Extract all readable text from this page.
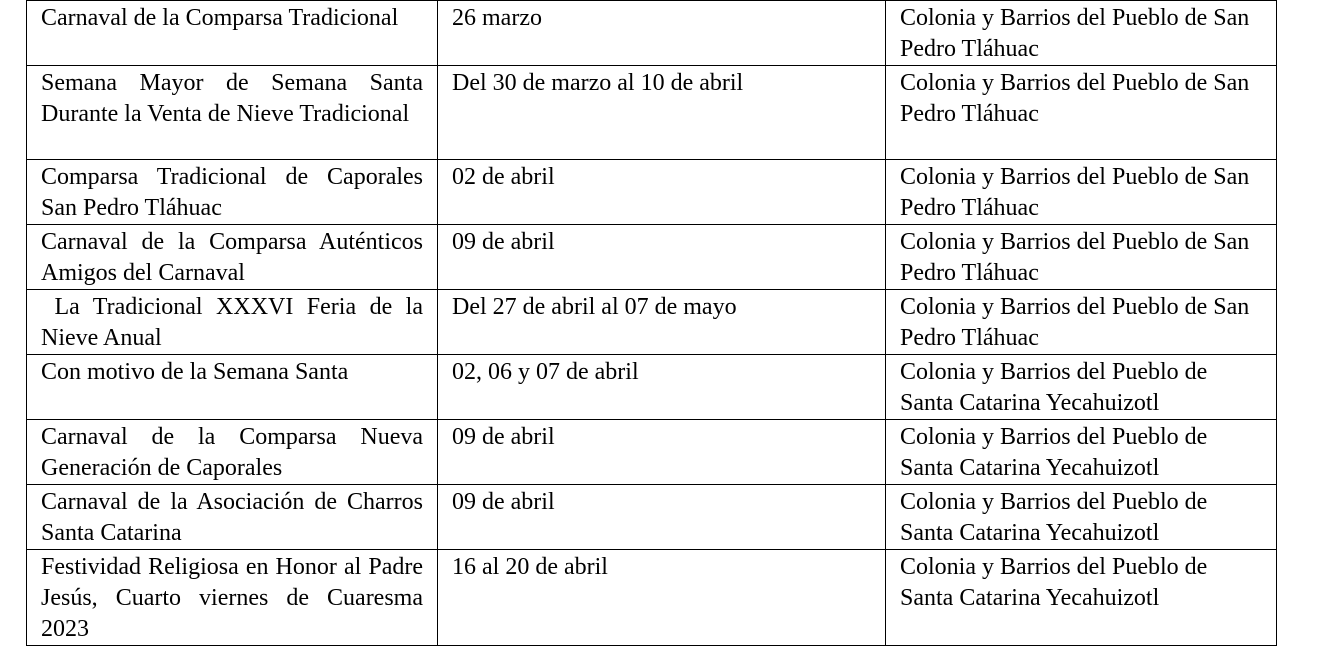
Carnaval de la Comparsa Tradicional	26 marzo	Colonia y Barrios del Pueblo de San Pedro Tláhuac
Semana Mayor de Semana Santa Durante la Venta de Nieve Tradicional	Del 30 de marzo al 10 de abril	Colonia y Barrios del Pueblo de San Pedro Tláhuac
Comparsa Tradicional de Caporales San Pedro Tláhuac	02 de abril	Colonia y Barrios del Pueblo de San Pedro Tláhuac
Carnaval de la Comparsa Auténticos Amigos del Carnaval	09 de abril	Colonia y Barrios del Pueblo de San Pedro Tláhuac
La Tradicional XXXVI Feria de la Nieve Anual	Del 27 de abril al 07 de mayo	Colonia y Barrios del Pueblo de San Pedro Tláhuac
Con motivo de la Semana Santa	02, 06 y 07 de abril	Colonia y Barrios del Pueblo de Santa Catarina Yecahuizotl
Carnaval de la Comparsa Nueva Generación de Caporales	09 de abril	Colonia y Barrios del Pueblo de Santa Catarina Yecahuizotl
Carnaval de la Asociación de Charros Santa Catarina	09 de abril	Colonia y Barrios del Pueblo de Santa Catarina Yecahuizotl
Festividad Religiosa en Honor al Padre Jesús, Cuarto viernes de Cuaresma 2023	16 al 20 de abril	Colonia y Barrios del Pueblo de Santa Catarina Yecahuizotl
